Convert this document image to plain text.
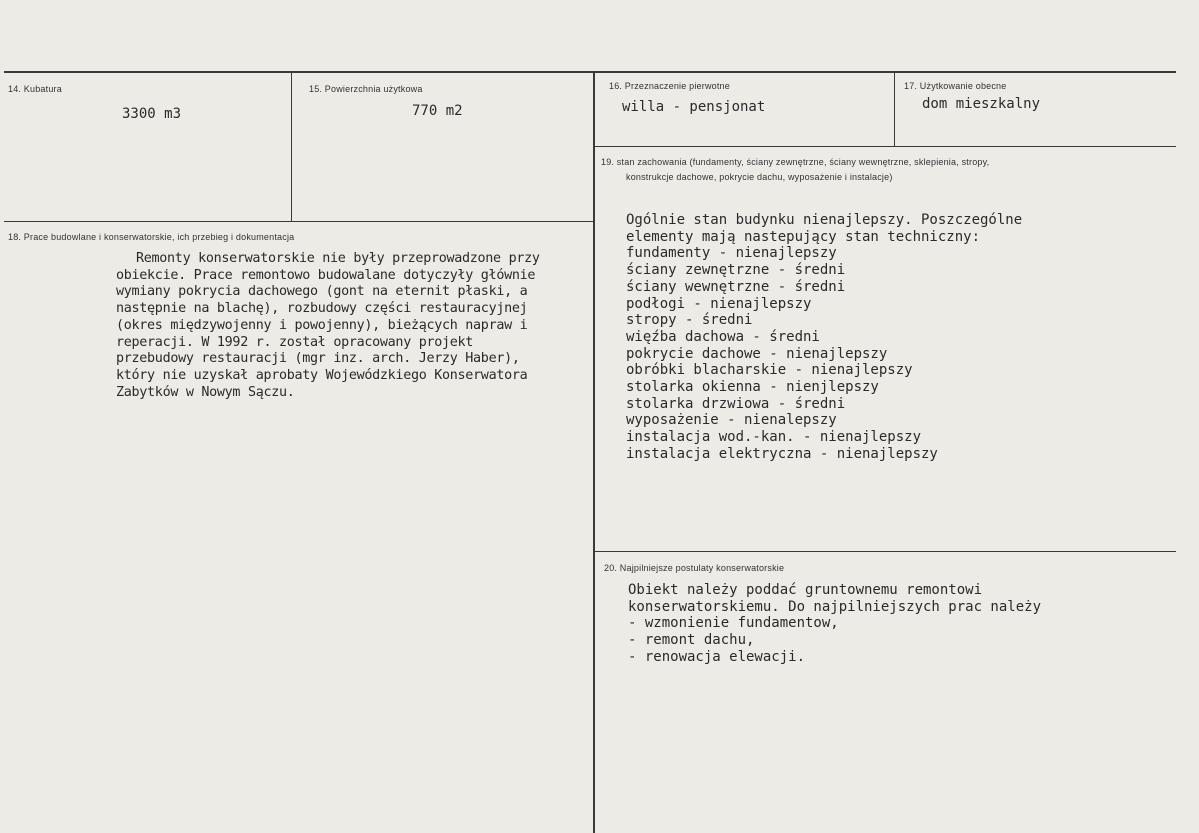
14. Kubatura
3300 m3
15. Powierzchnia użytkowa
770 m2
16. Przeznaczenie pierwotne
willa - pensjonat
17. Użytkowanie obecne
dom mieszkalny
18. Prace budowlane i konserwatorskie, ich przebieg i dokumentacja
Remonty konserwatorskie nie były przeprowadzone przy
obiekcie. Prace remontowo budowalane dotyczyły głównie
wymiany pokrycia dachowego (gont na eternit płaski, a
następnie na blachę), rozbudowy części restauracyjnej
(okres międzywojenny i powojenny), bieżących napraw i
reperacji. W 1992 r. został opracowany projekt
przebudowy restauracji (mgr inz. arch. Jerzy Haber),
który nie uzyskał aprobaty Wojewódzkiego Konserwatora
Zabytków w Nowym Sączu.
19. stan zachowania (fundamenty, ściany zewnętrzne, ściany wewnętrzne, sklepienia, stropy,
konstrukcje dachowe, pokrycie dachu, wyposażenie i instalacje)
Ogólnie stan budynku nienajlepszy. Poszczególne
elementy mają nastepujący stan techniczny:
fundamenty - nienajlepszy
ściany zewnętrzne - średni
ściany wewnętrzne - średni
podłogi - nienajlepszy
stropy - średni
więźba dachowa - średni
pokrycie dachowe - nienajlepszy
obróbki blacharskie - nienajlepszy
stolarka okienna - nienjlepszy
stolarka drzwiowa - średni
wyposażenie - nienalepszy
instalacja wod.-kan. - nienajlepszy
instalacja elektryczna - nienajlepszy
20. Najpilniejsze postulaty konserwatorskie
Obiekt należy poddać gruntownemu remontowi
konserwatorskiemu. Do najpilniejszych prac należy
- wzmonienie fundamentow,
- remont dachu,
- renowacja elewacji.
